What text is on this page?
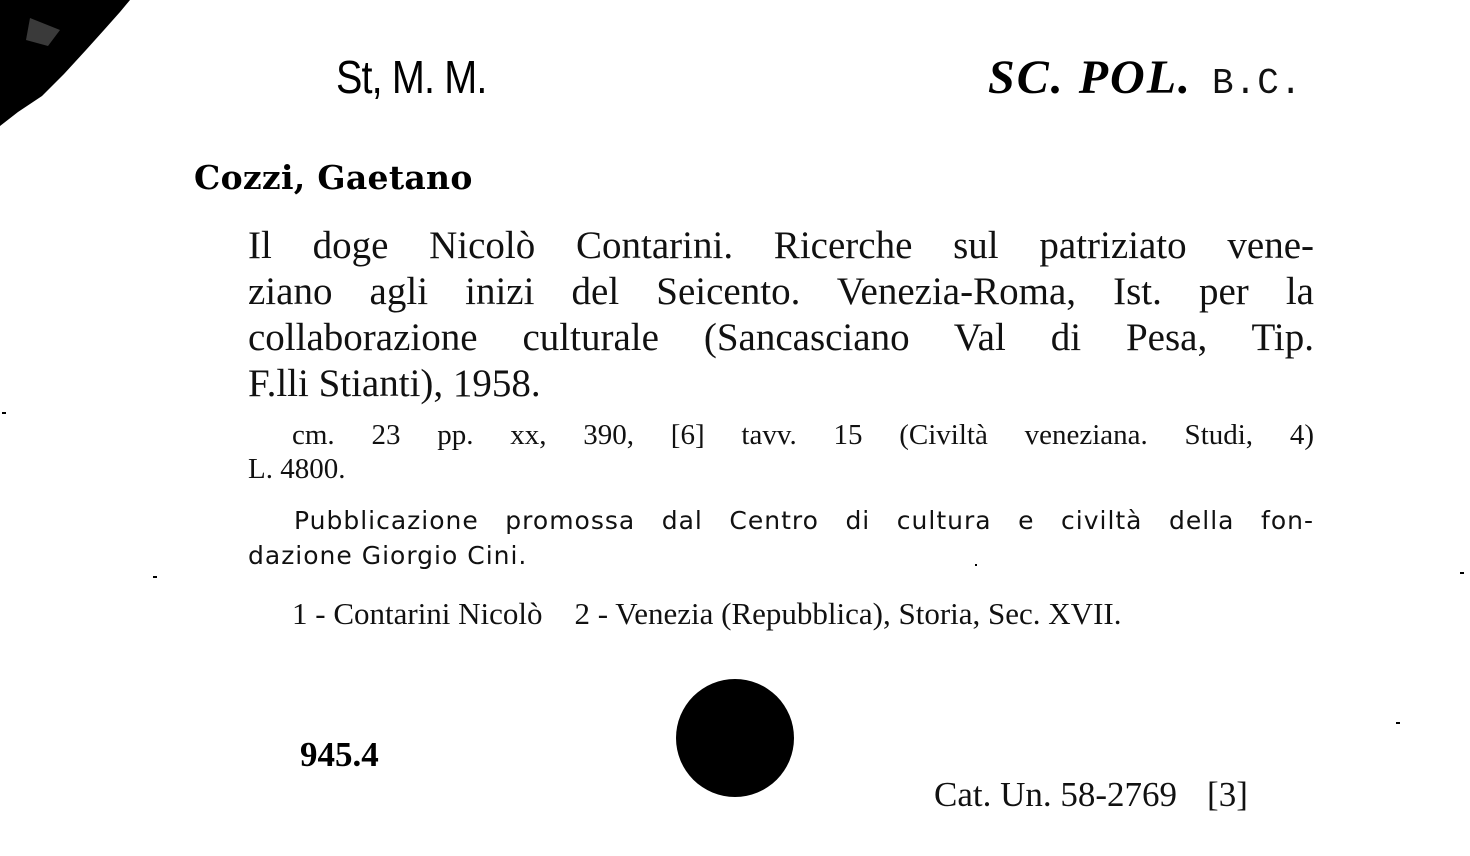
St, M. M.	SC. POL. B.C.
Cozzi, Gaetano
Il doge Nicolò Contarini. Ricerche sul patriziato vene-
ziano agli inizi del Seicento. Venezia-Roma, Ist. per la
collaborazione culturale (Sancasciano Val di Pesa, Tip.
F.lli Stianti), 1958.
cm. 23 pp. xx, 390, [6] tavv. 15 (Civiltà veneziana. Studi, 4)
L. 4800.
Pubblicazione promossa dal Centro di cultura e civiltà della fon-
dazione Giorgio Cini.
1 - Contarini Nicolò 2 - Venezia (Repubblica), Storia, Sec. XVII.
945.4
Cat. Un. 58-2769 [3]
